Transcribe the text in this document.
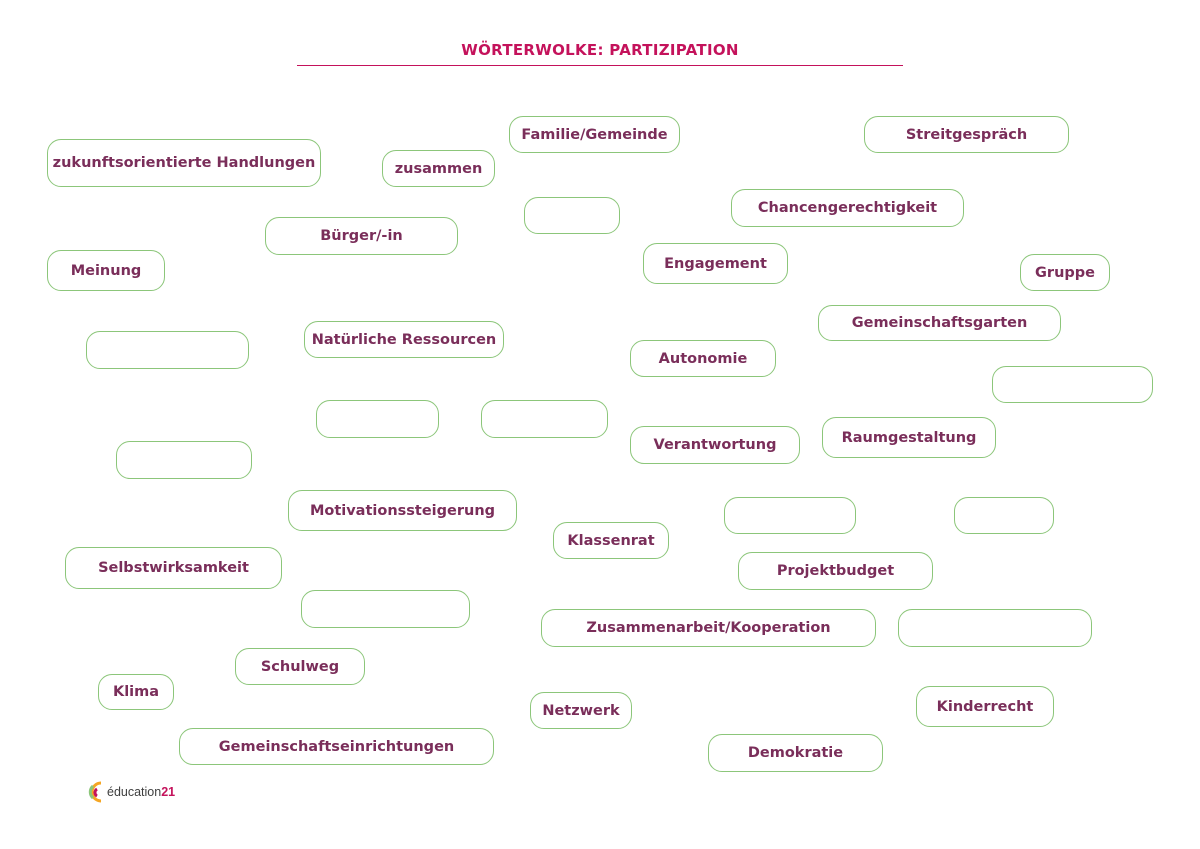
WÖRTERWOLKE: PARTIZIPATION
zukunftsorientierte Handlungen	zusammen
Familie/Gemeinde	Streitgespräch
Chancengerechtigkeit
Bürger/-in
Meinung	Engagement
Gruppe
Gemeinschaftsgarten
Natürliche Ressourcen
Autonomie
Verantwortung	Raumgestaltung
Motivationssteigerung
Klassenrat
Selbstwirksamkeit	Projektbudget
Zusammenarbeit/Kooperation
Schulweg
Klima
Netzwerk	Kinderrecht
Gemeinschaftseinrichtungen	Demokratie
éducation 21
